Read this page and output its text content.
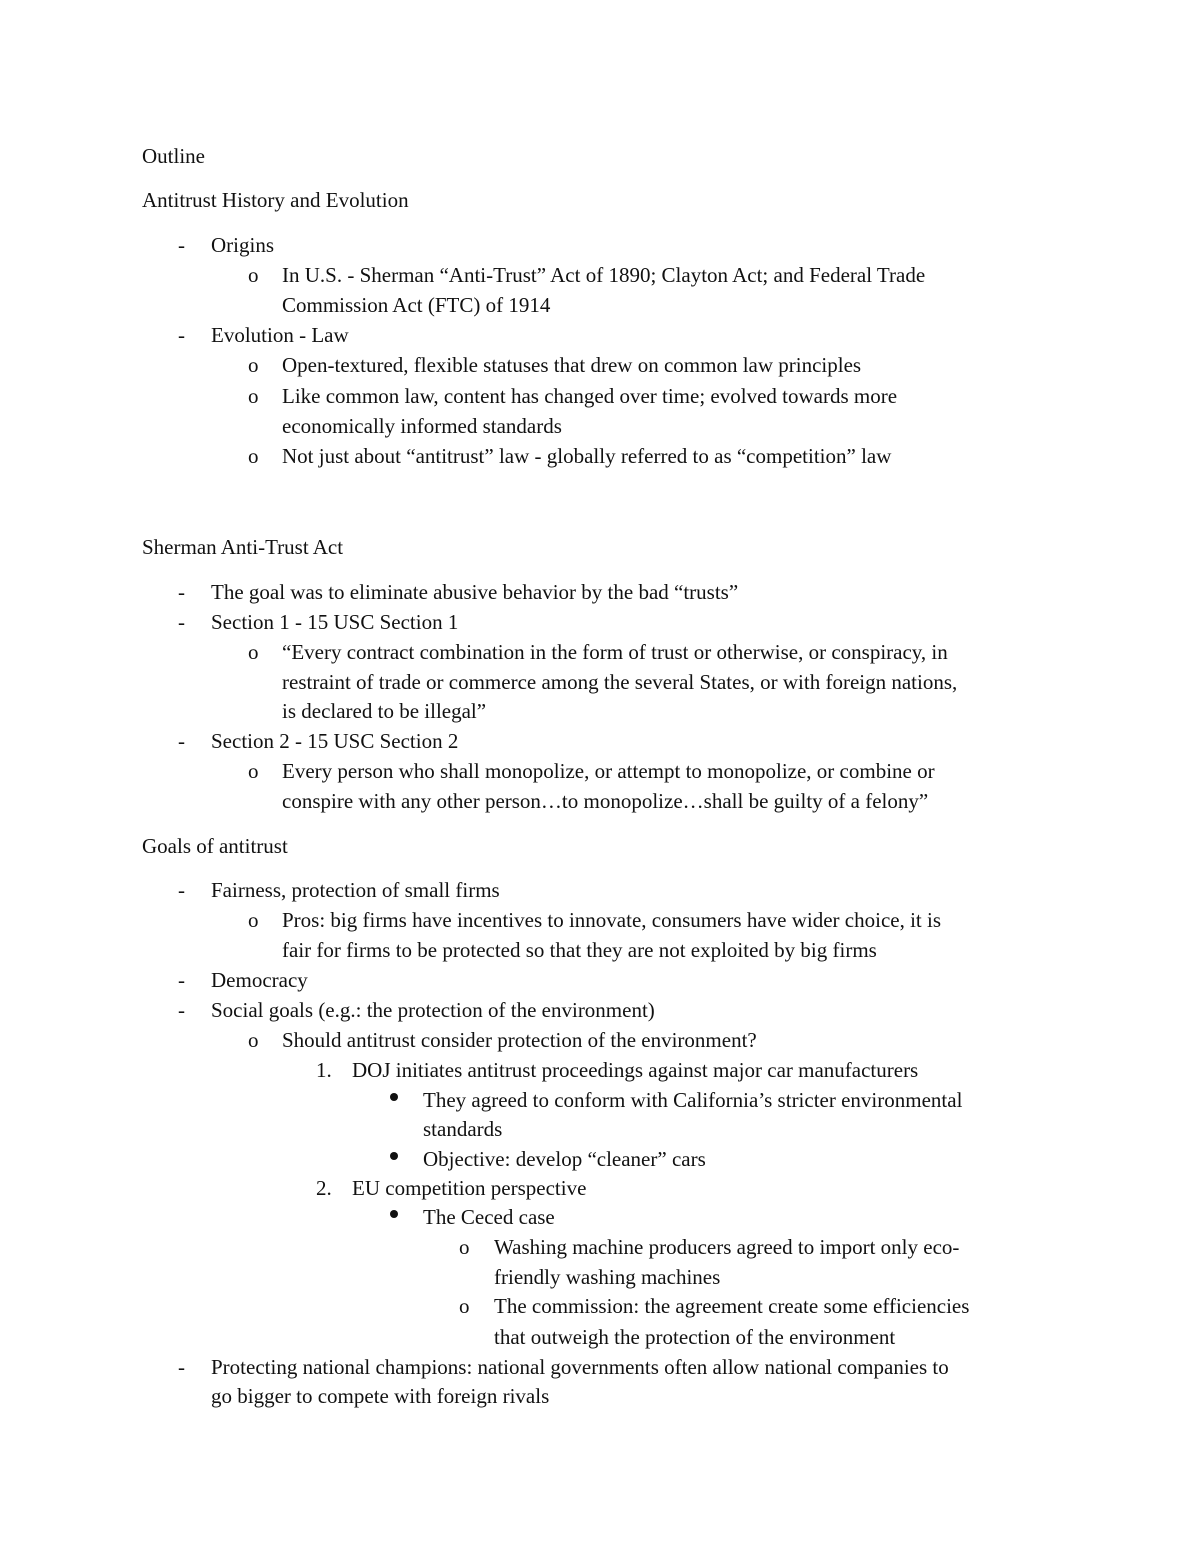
Outline
Antitrust History and Evolution
- Origins
o In U.S. - Sherman “Anti-Trust” Act of 1890; Clayton Act; and Federal Trade
Commission Act (FTC) of 1914
- Evolution - Law
o Open-textured, flexible statuses that drew on common law principles
o Like common law, content has changed over time; evolved towards more
economically informed standards
o Not just about “antitrust” law - globally referred to as “competition” law
Sherman Anti-Trust Act
- The goal was to eliminate abusive behavior by the bad “trusts”
- Section 1 - 15 USC Section 1
o “Every contract combination in the form of trust or otherwise, or conspiracy, in
restraint of trade or commerce among the several States, or with foreign nations,
is declared to be illegal”
- Section 2 - 15 USC Section 2
o Every person who shall monopolize, or attempt to monopolize, or combine or
conspire with any other person…to monopolize…shall be guilty of a felony”
Goals of antitrust
- Fairness, protection of small firms
o Pros: big firms have incentives to innovate, consumers have wider choice, it is
fair for firms to be protected so that they are not exploited by big firms
- Democracy
- Social goals (e.g.: the protection of the environment)
o Should antitrust consider protection of the environment?
1. DOJ initiates antitrust proceedings against major car manufacturers
They agreed to conform with California’s stricter environmental
standards
Objective: develop “cleaner” cars
2. EU competition perspective
The Ceced case
o Washing machine producers agreed to import only eco-
friendly washing machines
o The commission: the agreement create some efficiencies
that outweigh the protection of the environment
- Protecting national champions: national governments often allow national companies to
go bigger to compete with foreign rivals
